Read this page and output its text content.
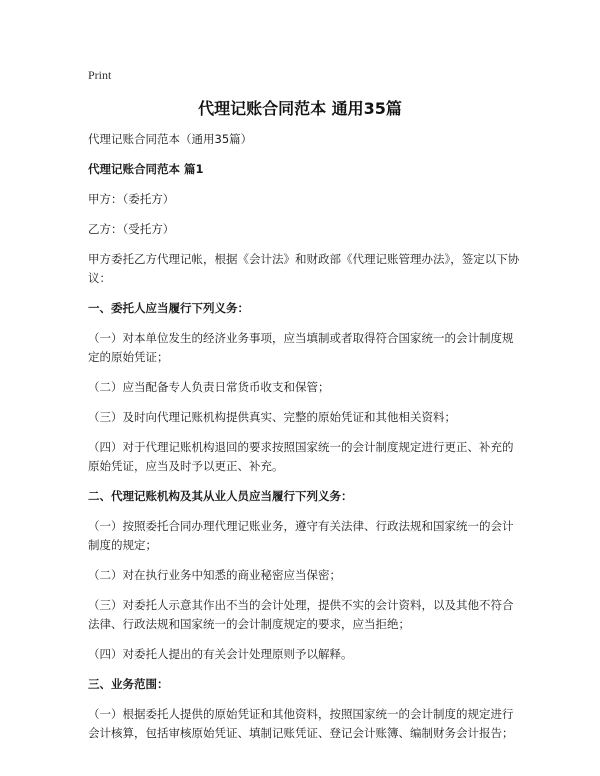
Print
代理记账合同范本 通用35篇

代理记账合同范本（通用35篇）

代理记账合同范本 篇1

甲方：（委托方）

乙方：（受托方）

甲方委托乙方代理记帐，根据《会计法》和财政部《代理记账管理办法》，签定以下协议：

一、委托人应当履行下列义务：

（一）对本单位发生的经济业务事项，应当填制或者取得符合国家统一的会计制度规定的原始凭证；

（二）应当配备专人负责日常货币收支和保管；

（三）及时向代理记账机构提供真实、完整的原始凭证和其他相关资料；

（四）对于代理记账机构退回的要求按照国家统一的会计制度规定进行更正、补充的原始凭证，应当及时予以更正、补充。

二、代理记账机构及其从业人员应当履行下列义务：

（一）按照委托合同办理代理记账业务，遵守有关法律、行政法规和国家统一的会计制度的规定；

（二）对在执行业务中知悉的商业秘密应当保密；

（三）对委托人示意其作出不当的会计处理，提供不实的会计资料，以及其他不符合法律、行政法规和国家统一的会计制度规定的要求，应当拒绝；

（四）对委托人提出的有关会计处理原则予以解释。

三、业务范围：

（一）根据委托人提供的原始凭证和其他资料，按照国家统一的会计制度的规定进行会计核算，包括审核原始凭证、填制记账凭证、登记会计账簿、编制财务会计报告；
